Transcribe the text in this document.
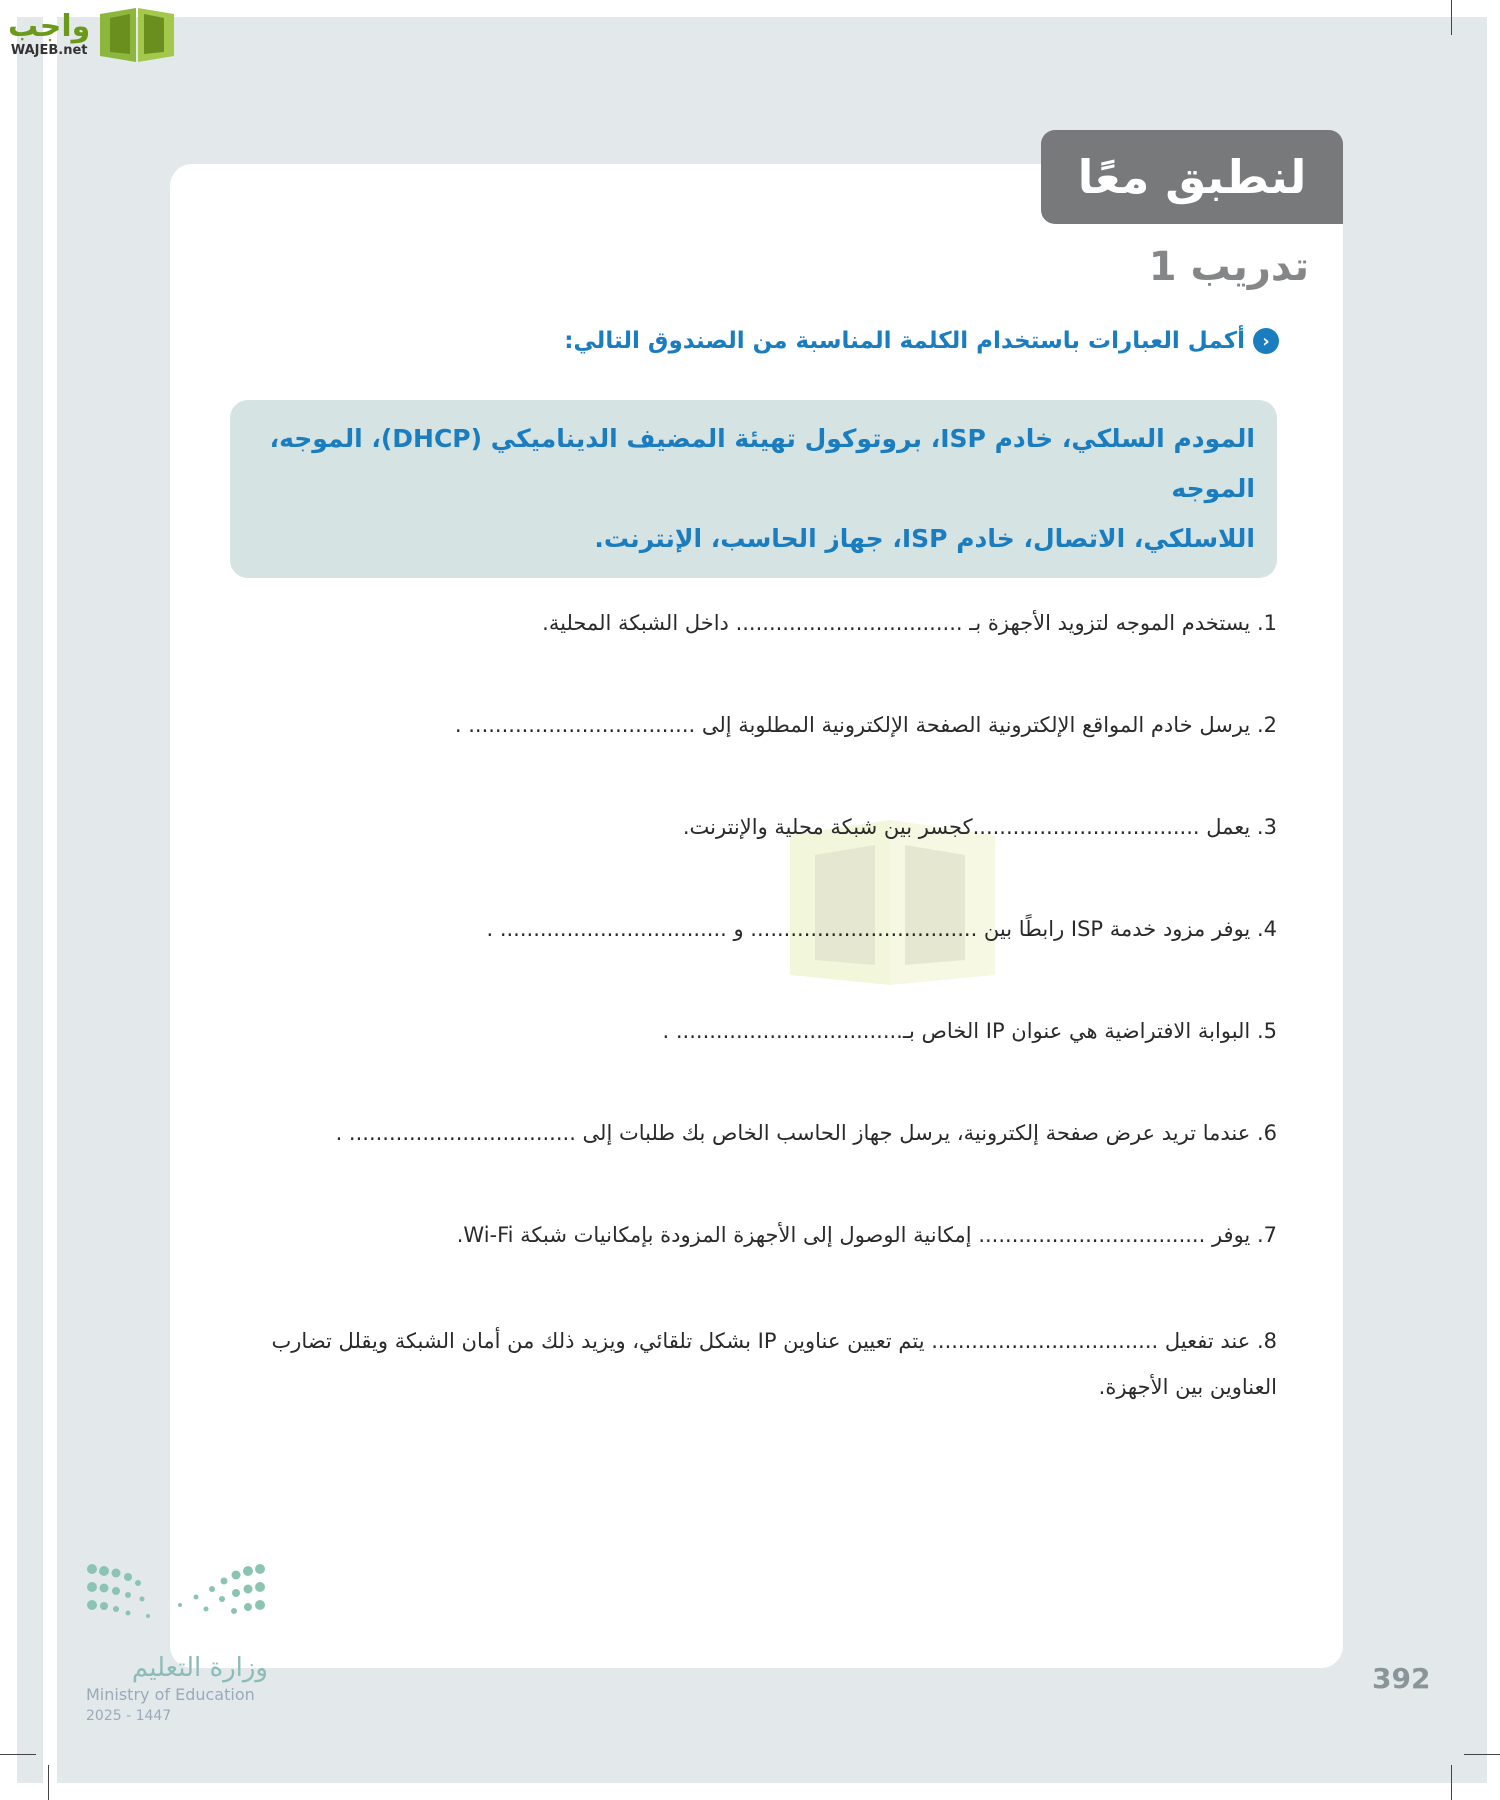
واجب
WAJEB.net
لنطبق معًا
تدريب 1
‹
أكمل العبارات باستخدام الكلمة المناسبة من الصندوق التالي:
المودم السلكي، خادم ISP، بروتوكول تهيئة المضيف الديناميكي (DHCP)، الموجه، الموجه
اللاسلكي، الاتصال، خادم ISP، جهاز الحاسب، الإنترنت.
1. يستخدم الموجه لتزويد الأجهزة بـ .................................. داخل الشبكة المحلية.
2. يرسل خادم المواقع الإلكترونية الصفحة الإلكترونية المطلوبة إلى .................................. .
3. يعمل ..................................كجسر بين شبكة محلية والإنترنت.
4. يوفر مزود خدمة ISP رابطًا بين .................................. و .................................. .
5. البوابة الافتراضية هي عنوان IP الخاص بـ.................................. .
6. عندما تريد عرض صفحة إلكترونية، يرسل جهاز الحاسب الخاص بك طلبات إلى .................................. .
7. يوفر .................................. إمكانية الوصول إلى الأجهزة المزودة بإمكانيات شبكة Wi-Fi.
8. عند تفعيل .................................. يتم تعيين عناوين IP بشكل تلقائي، ويزيد ذلك من أمان الشبكة ويقلل تضارب العناوين بين الأجهزة.
وزارة التعليم
Ministry of Education
2025 - 1447
392
